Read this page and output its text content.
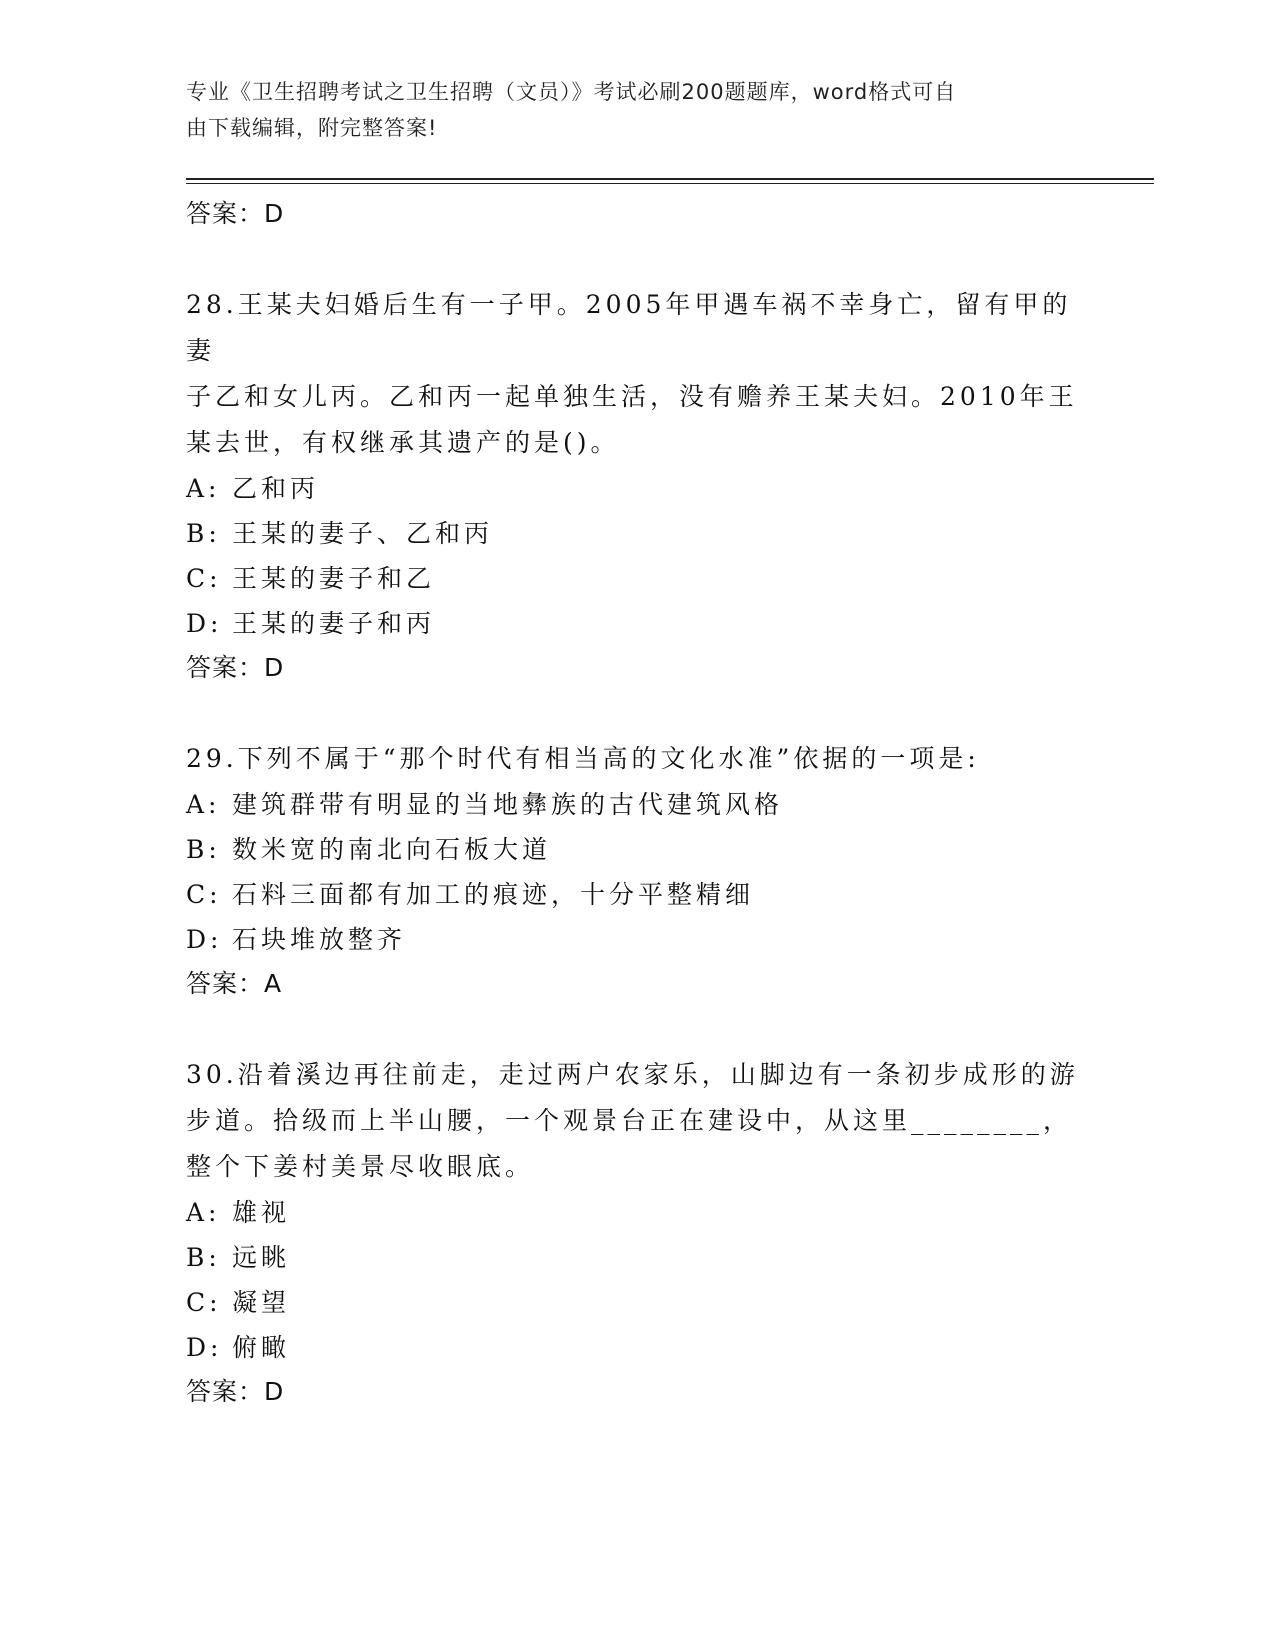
专业《卫生招聘考试之卫生招聘（文员）》考试必刷200题题库，word格式可自
由下载编辑，附完整答案!
答案：D
28.王某夫妇婚后生有一子甲。2005年甲遇车祸不幸身亡，留有甲的妻
子乙和女儿丙。乙和丙一起单独生活，没有赡养王某夫妇。2010年王
某去世，有权继承其遗产的是()。
A: 乙和丙
B: 王某的妻子、乙和丙
C: 王某的妻子和乙
D: 王某的妻子和丙
答案：D
29.下列不属于“那个时代有相当高的文化水准”依据的一项是:
A: 建筑群带有明显的当地彝族的古代建筑风格
B: 数米宽的南北向石板大道
C: 石料三面都有加工的痕迹，十分平整精细
D: 石块堆放整齐
答案：A
30.沿着溪边再往前走，走过两户农家乐，山脚边有一条初步成形的游
步道。拾级而上半山腰，一个观景台正在建设中，从这里________，
整个下姜村美景尽收眼底。
A: 雄视
B: 远眺
C: 凝望
D: 俯瞰
答案：D
